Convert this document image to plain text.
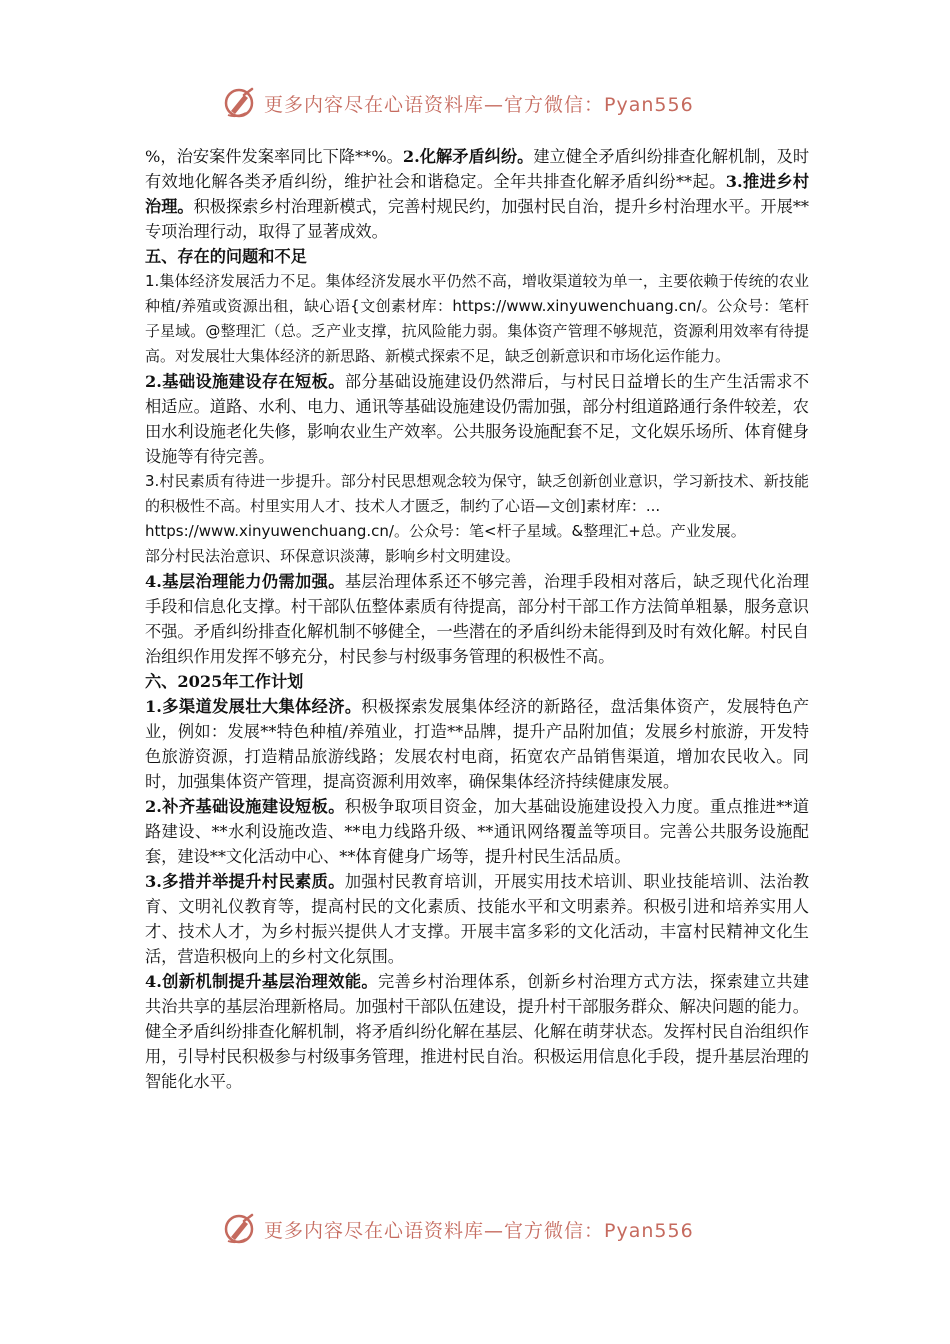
更多内容尽在心语资料库—官方微信：Pyan556

%，治安案件发案率同比下降**%。2.化解矛盾纠纷。建立健全矛盾纠纷排查化解机制，及时有效地化解各类矛盾纠纷，维护社会和谐稳定。全年共排查化解矛盾纠纷**起。3.推进乡村治理。积极探索乡村治理新模式，完善村规民约，加强村民自治，提升乡村治理水平。开展**专项治理行动，取得了显著成效。

五、存在的问题和不足

1.集体经济发展活力不足。集体经济发展水平仍然不高，增收渠道较为单一，主要依赖于传统的农业种植/养殖或资源出租，缺心语{文创素材库：https://www.xinyuwenchuang.cn/。公众号：笔杆子星域。@整理汇（总。乏产业支撑，抗风险能力弱。集体资产管理不够规范，资源利用效率有待提高。对发展壮大集体经济的新思路、新模式探索不足，缺乏创新意识和市场化运作能力。

2.基础设施建设存在短板。部分基础设施建设仍然滞后，与村民日益增长的生产生活需求不相适应。道路、水利、电力、通讯等基础设施建设仍需加强，部分村组道路通行条件较差，农田水利设施老化失修，影响农业生产效率。公共服务设施配套不足，文化娱乐场所、体育健身设施等有待完善。

3.村民素质有待进一步提升。部分村民思想观念较为保守，缺乏创新创业意识，学习新技术、新技能的积极性不高。村里实用人才、技术人才匮乏，制约了心语—文创]素材库：...
https://www.xinyuwenchuang.cn/。公众号：笔<杆子星域。&整理汇+总。产业发展。
部分村民法治意识、环保意识淡薄，影响乡村文明建设。

4.基层治理能力仍需加强。基层治理体系还不够完善，治理手段相对落后，缺乏现代化治理手段和信息化支撑。村干部队伍整体素质有待提高，部分村干部工作方法简单粗暴，服务意识不强。矛盾纠纷排查化解机制不够健全，一些潜在的矛盾纠纷未能得到及时有效化解。村民自治组织作用发挥不够充分，村民参与村级事务管理的积极性不高。

六、2025年工作计划

1.多渠道发展壮大集体经济。积极探索发展集体经济的新路径，盘活集体资产，发展特色产业，例如：发展**特色种植/养殖业，打造**品牌，提升产品附加值；发展乡村旅游，开发特色旅游资源，打造精品旅游线路；发展农村电商，拓宽农产品销售渠道，增加农民收入。同时，加强集体资产管理，提高资源利用效率，确保集体经济持续健康发展。

2.补齐基础设施建设短板。积极争取项目资金，加大基础设施建设投入力度。重点推进**道路建设、**水利设施改造、**电力线路升级、**通讯网络覆盖等项目。完善公共服务设施配套，建设**文化活动中心、**体育健身广场等，提升村民生活品质。

3.多措并举提升村民素质。加强村民教育培训，开展实用技术培训、职业技能培训、法治教育、文明礼仪教育等，提高村民的文化素质、技能水平和文明素养。积极引进和培养实用人才、技术人才，为乡村振兴提供人才支撑。开展丰富多彩的文化活动，丰富村民精神文化生活，营造积极向上的乡村文化氛围。

4.创新机制提升基层治理效能。完善乡村治理体系，创新乡村治理方式方法，探索建立共建共治共享的基层治理新格局。加强村干部队伍建设，提升村干部服务群众、解决问题的能力。健全矛盾纠纷排查化解机制，将矛盾纠纷化解在基层、化解在萌芽状态。发挥村民自治组织作用，引导村民积极参与村级事务管理，推进村民自治。积极运用信息化手段，提升基层治理的智能化水平。

更多内容尽在心语资料库—官方微信：Pyan556
